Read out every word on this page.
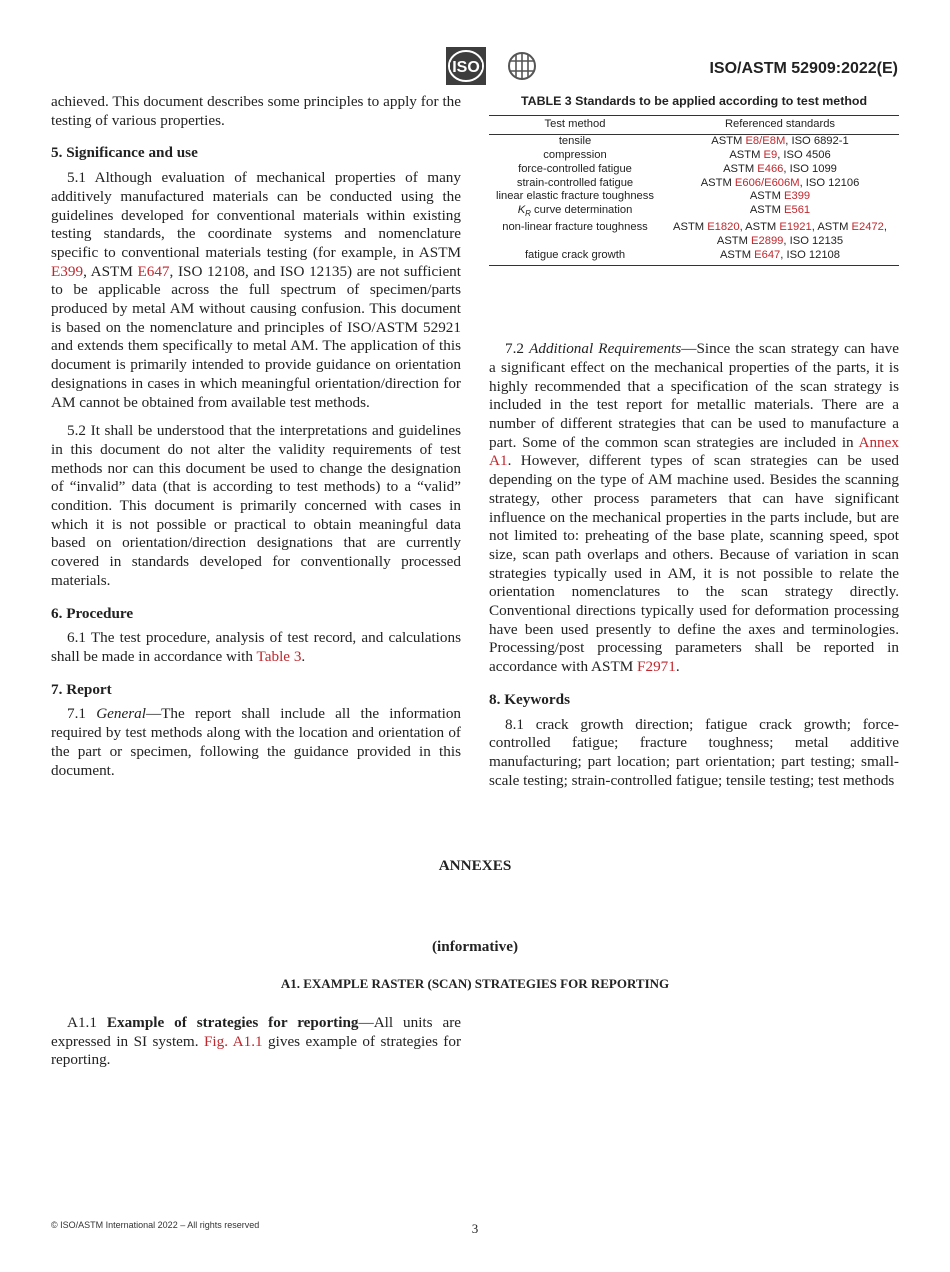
ISO	ISO/ASTM 52909:2022(E)

achieved. This document describes some principles to apply for the testing of various properties.

5. Significance and use

5.1 Although evaluation of mechanical properties of many additively manufactured materials can be conducted using the guidelines developed for conventional materials within existing testing standards, the coordinate systems and nomenclature specific to conventional materials testing (for example, in ASTM E399, ASTM E647, ISO 12108, and ISO 12135) are not sufficient to be applicable across the full spectrum of specimen/parts produced by metal AM without causing confusion. This document is based on the nomenclature and principles of ISO/ASTM 52921 and extends them specifically to metal AM. The application of this document is primarily intended to provide guidance on orientation designations in cases in which meaningful orientation/direction for AM cannot be obtained from available test methods.

5.2 It shall be understood that the interpretations and guidelines in this document do not alter the validity requirements of test methods nor can this document be used to change the designation of “invalid” data (that is according to test methods) to a “valid” condition. This document is primarily concerned with cases in which it is not possible or practical to obtain meaningful data based on orientation/direction designations that are currently covered in standards developed for conventionally processed materials.

6. Procedure

6.1 The test procedure, analysis of test record, and calculations shall be made in accordance with Table 3.

7. Report

7.1 General—The report shall include all the information required by test methods along with the location and orientation of the part or specimen, following the guidance provided in this document.

TABLE 3 Standards to be applied according to test method
Test method	Referenced standards
tensile	ASTM E8/E8M, ISO 6892-1
compression	ASTM E9, ISO 4506
force-controlled fatigue	ASTM E466, ISO 1099
strain-controlled fatigue	ASTM E606/E606M, ISO 12106
linear elastic fracture toughness	ASTM E399
$K_R$ curve determination	ASTM E561
non-linear fracture toughness	ASTM E1820, ASTM E1921, ASTM E2472,
ASTM E2899, ISO 12135
fatigue crack growth	ASTM E647, ISO 12108

7.2 Additional Requirements—Since the scan strategy can have a significant effect on the mechanical properties of the parts, it is highly recommended that a specification of the scan strategy is included in the test report for metallic materials. There are a number of different strategies that can be used to manufacture a part. Some of the common scan strategies are included in Annex A1. However, different types of scan strategies can be used depending on the type of AM machine used. Besides the scanning strategy, other process parameters that can have significant influence on the mechanical properties in the parts include, but are not limited to: preheating of the base plate, scanning speed, spot size, scan path overlaps and others. Because of variation in scan strategies typically used in AM, it is not possible to relate the orientation nomenclatures to the scan strategy directly. Conventional directions typically used for deformation processing have been used presently to define the axes and terminologies. Processing/post processing parameters shall be reported in accordance with ASTM F2971.

8. Keywords

8.1 crack growth direction; fatigue crack growth; force-controlled fatigue; fracture toughness; metal additive manufacturing; part location; part orientation; part testing; small-scale testing; strain-controlled fatigue; tensile testing; test methods

ANNEXES
(informative)
A1. EXAMPLE RASTER (SCAN) STRATEGIES FOR REPORTING

A1.1 Example of strategies for reporting—All units are expressed in SI system. Fig. A1.1 gives example of strategies for reporting.

© ISO/ASTM International 2022 – All rights reserved	3
